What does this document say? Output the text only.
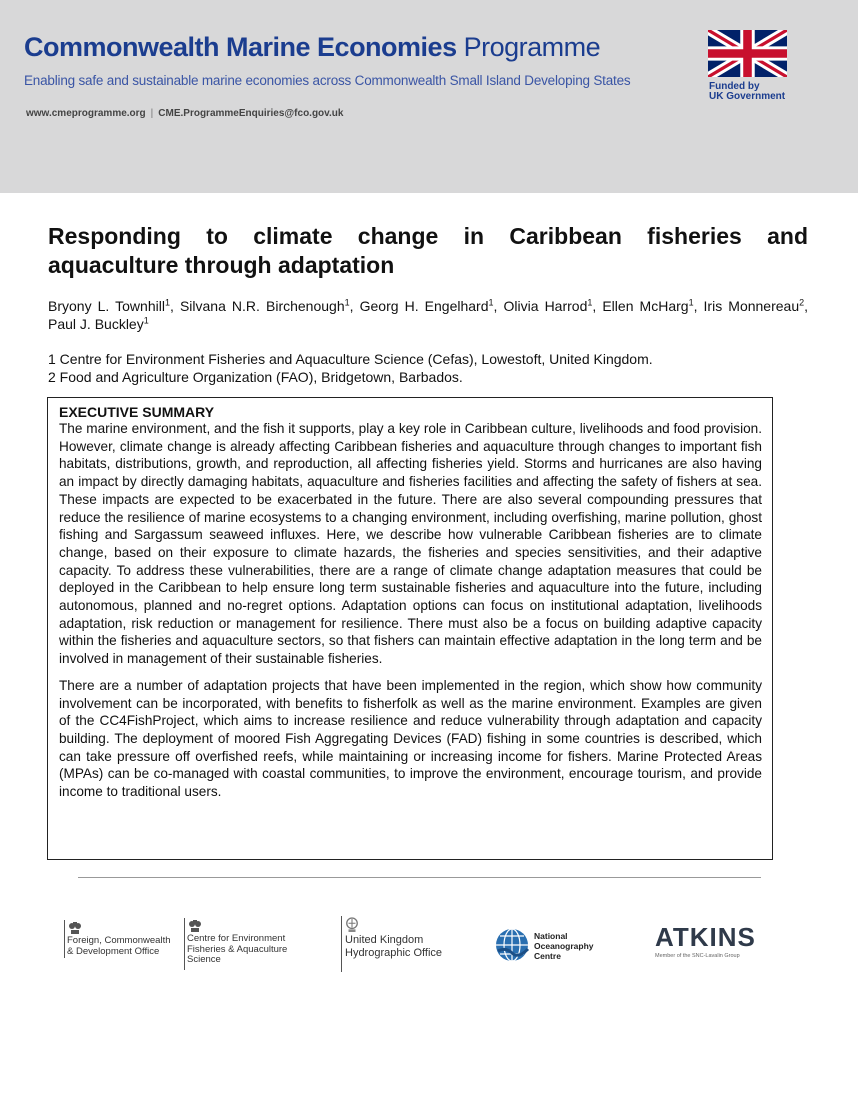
Commonwealth Marine Economies Programme
Enabling safe and sustainable marine economies across Commonwealth Small Island Developing States
www.cmeprogramme.org | CME.ProgrammeEnquiries@fco.gov.uk
Funded by
UK Government
Responding to climate change in Caribbean fisheries and aquaculture through adaptation
Bryony L. Townhill$^1$, Silvana N.R. Birchenough$^1$, Georg H. Engelhard$^1$, Olivia Harrod$^1$, Ellen McHarg$^1$, Iris Monnereau$^2$, Paul J. Buckley$^1$
1 Centre for Environment Fisheries and Aquaculture Science (Cefas), Lowestoft, United Kingdom.
2 Food and Agriculture Organization (FAO), Bridgetown, Barbados.
EXECUTIVE SUMMARY

The marine environment, and the fish it supports, play a key role in Caribbean culture, livelihoods and food provision. However, climate change is already affecting Caribbean fisheries and aquaculture through changes to important fish habitats, distributions, growth, and reproduction, all affecting fisheries yield. Storms and hurricanes are also having an impact by directly damaging habitats, aquaculture and fisheries facilities and affecting the safety of fishers at sea. These impacts are expected to be exacerbated in the future. There are also several compounding pressures that reduce the resilience of marine ecosystems to a changing environment, including overfishing, marine pollution, ghost fishing and Sargassum seaweed influxes. Here, we describe how vulnerable Caribbean fisheries are to climate change, based on their exposure to climate hazards, the fisheries and species sensitivities, and their adaptive capacity. To address these vulnerabilities, there are a range of climate change adaptation measures that could be deployed in the Caribbean to help ensure long term sustainable fisheries and aquaculture into the future, including autonomous, planned and no-regret options. Adaptation options can focus on institutional adaptation, livelihoods adaptation, risk reduction or management for resilience. There must also be a focus on building adaptive capacity within the fisheries and aquaculture sectors, so that fishers can maintain effective adaptation in the long term and be involved in management of their sustainable fisheries.

There are a number of adaptation projects that have been implemented in the region, which show how community involvement can be incorporated, with benefits to fisherfolk as well as the marine environment. Examples are given of the CC4FishProject, which aims to increase resilience and reduce vulnerability through adaptation and capacity building. The deployment of moored Fish Aggregating Devices (FAD) fishing in some countries is described, which can take pressure off overfished reefs, while maintaining or increasing income for fishers. Marine Protected Areas (MPAs) can be co-managed with coastal communities, to improve the environment, encourage tourism, and provide income to traditional users.

Foreign, Commonwealth
& Development Office
Centre for Environment
Fisheries & Aquaculture
Science
United Kingdom
Hydrographic Office
National
Oceanography
Centre
ATKINS
Member of the SNC-Lavalin Group
